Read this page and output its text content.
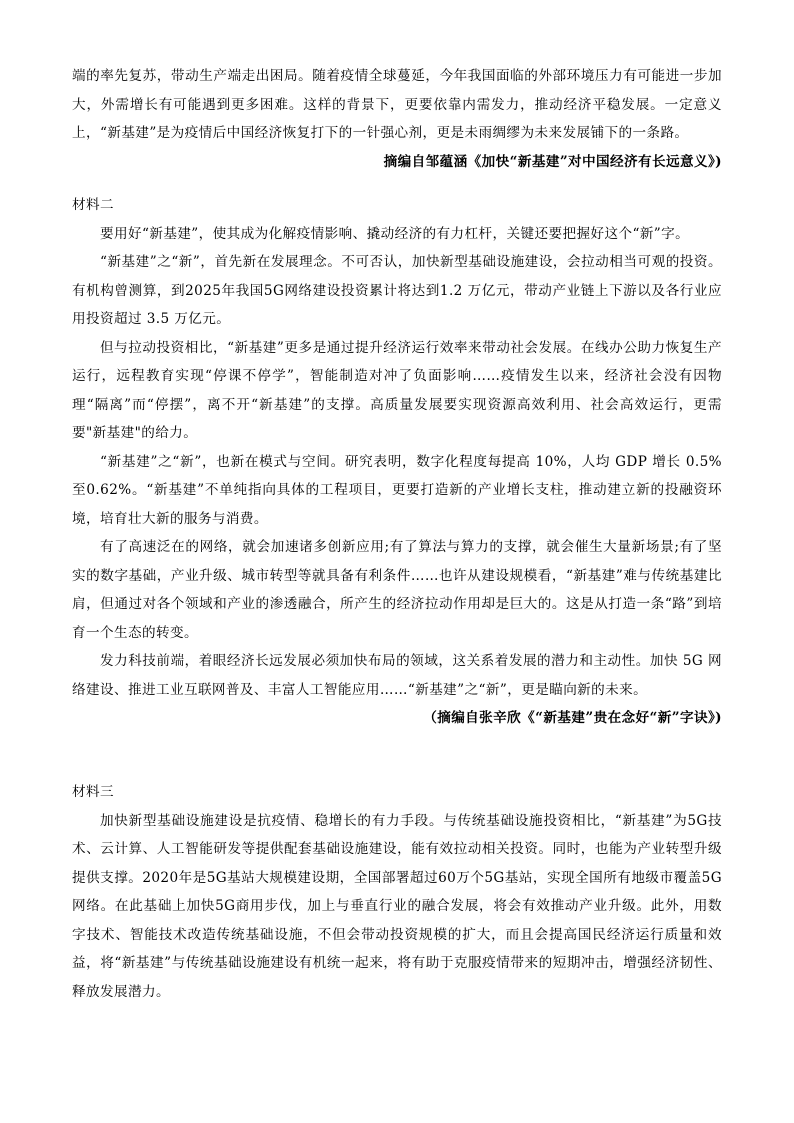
端的率先复苏，带动生产端走出困局。随着疫情全球蔓延，今年我国面临的外部环境压力有可能进一步加大，外需增长有可能遇到更多困难。这样的背景下，更要依靠内需发力，推动经济平稳发展。一定意义上，“新基建”是为疫情后中国经济恢复打下的一针强心剂，更是未雨绸缪为未来发展铺下的一条路。

摘编自邹蕴涵《加快“新基建”对中国经济有长远意义》)

材料二

要用好“新基建”，使其成为化解疫情影响、撬动经济的有力杠杆，关键还要把握好这个“新”字。

“新基建”之“新”，首先新在发展理念。不可否认，加快新型基础设施建设，会拉动相当可观的投资。有机构曾测算，到2025年我国5G网络建设投资累计将达到1.2 万亿元，带动产业链上下游以及各行业应用投资超过 3.5 万亿元。

但与拉动投资相比，“新基建”更多是通过提升经济运行效率来带动社会发展。在线办公助力恢复生产运行，远程教育实现“停课不停学”，智能制造对冲了负面影响……疫情发生以来，经济社会没有因物理“隔离”而“停摆”，离不开“新基建”的支撑。高质量发展要实现资源高效利用、社会高效运行，更需要"新基建"的给力。

“新基建”之“新”，也新在模式与空间。研究表明，数字化程度每提高 10%，人均 GDP 增长 0.5%至0.62%。“新基建”不单纯指向具体的工程项目，更要打造新的产业增长支柱，推动建立新的投融资环境，培育壮大新的服务与消费。

有了高速泛在的网络，就会加速诸多创新应用;有了算法与算力的支撑，就会催生大量新场景;有了坚实的数字基础，产业升级、城市转型等就具备有利条件……也许从建设规模看，“新基建”难与传统基建比肩，但通过对各个领域和产业的渗透融合，所产生的经济拉动作用却是巨大的。这是从打造一条“路”到培育一个生态的转变。

发力科技前端，着眼经济长远发展必须加快布局的领域，这关系着发展的潜力和主动性。加快 5G 网络建设、推进工业互联网普及、丰富人工智能应用……“新基建”之“新”，更是瞄向新的未来。

（摘编自张辛欣《“新基建”贵在念好“新”字诀》)

材料三

加快新型基础设施建设是抗疫情、稳增长的有力手段。与传统基础设施投资相比，“新基建”为5G技术、云计算、人工智能研发等提供配套基础设施建设，能有效拉动相关投资。同时，也能为产业转型升级提供支撑。2020年是5G基站大规模建设期，全国部署超过60万个5G基站，实现全国所有地级市覆盖5G网络。在此基础上加快5G商用步伐，加上与垂直行业的融合发展，将会有效推动产业升级。此外，用数字技术、智能技术改造传统基础设施，不但会带动投资规模的扩大，而且会提高国民经济运行质量和效益，将“新基建”与传统基础设施建设有机统一起来，将有助于克服疫情带来的短期冲击，增强经济韧性、释放发展潜力。
